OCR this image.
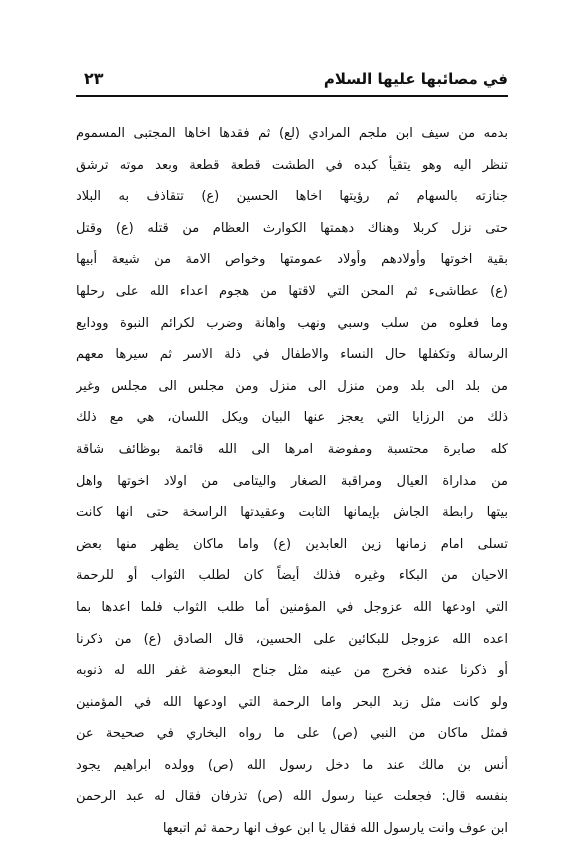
في مصائبها عليها السلام
٢٣
بدمه من سيف ابن ملجم المرادي (لع) ثم فقدها اخاها المجتبى المسموم
تنظر اليه وهو يتقيأ كبده في الطشت قطعة قطعة وبعد موته ترشق
جنازته بالسهام ثم رؤيتها اخاها الحسين (ع) تتقاذف به البلاد
حتى نزل كربلا وهناك دهمتها الكوارث العظام من قتله (ع) وقتل
بقية اخوتها وأولادهم وأولاد عمومتها وخواص الامة من شيعة أبيها
(ع) عطاشىء ثم المحن التي لاقتها من هجوم اعداء الله على رحلها
وما فعلوه من سلب وسبي ونهب واهانة وضرب لكرائم النبوة وودايع
الرسالة وتكفلها حال النساء والاطفال في ذلة الاسر ثم سيرها معهم
من بلد الى بلد ومن منزل الى منزل ومن مجلس الى مجلس وغير
ذلك من الرزايا التي يعجز عنها البيان ويكل اللسان، هي مع ذلك
كله صابرة محتسبة ومفوضة امرها الى الله قائمة بوظائف شاقة
من مداراة العيال ومراقبة الصغار واليتامى من اولاد اخوتها واهل
بيتها رابطة الجاش بإيمانها الثابت وعقيدتها الراسخة حتى انها كانت
تسلى امام زمانها زين العابدين (ع) واما ماكان يظهر منها بعض
الاحيان من البكاء وغيره فذلك أيضاً كان لطلب الثواب أو للرحمة
التي اودعها الله عزوجل في المؤمنين أما طلب الثواب فلما اعدها بما
اعده الله عزوجل للبكائين على الحسين، قال الصادق (ع) من ذكرنا
أو ذكرنا عنده فخرج من عينه مثل جناح البعوضة غفر الله له ذنوبه
ولو كانت مثل زبد البحر واما الرحمة التي اودعها الله في المؤمنين
فمثل ماكان من النبي (ص) على ما رواه البخاري في صحيحة عن
أنس بن مالك عند ما دخل رسول الله (ص) وولده ابراهيم يجود
بنفسه قال: فجعلت عينا رسول الله (ص) تذرفان فقال له عبد الرحمن
ابن عوف وانت يارسول الله فقال يا ابن عوف انها رحمة ثم اتبعها
